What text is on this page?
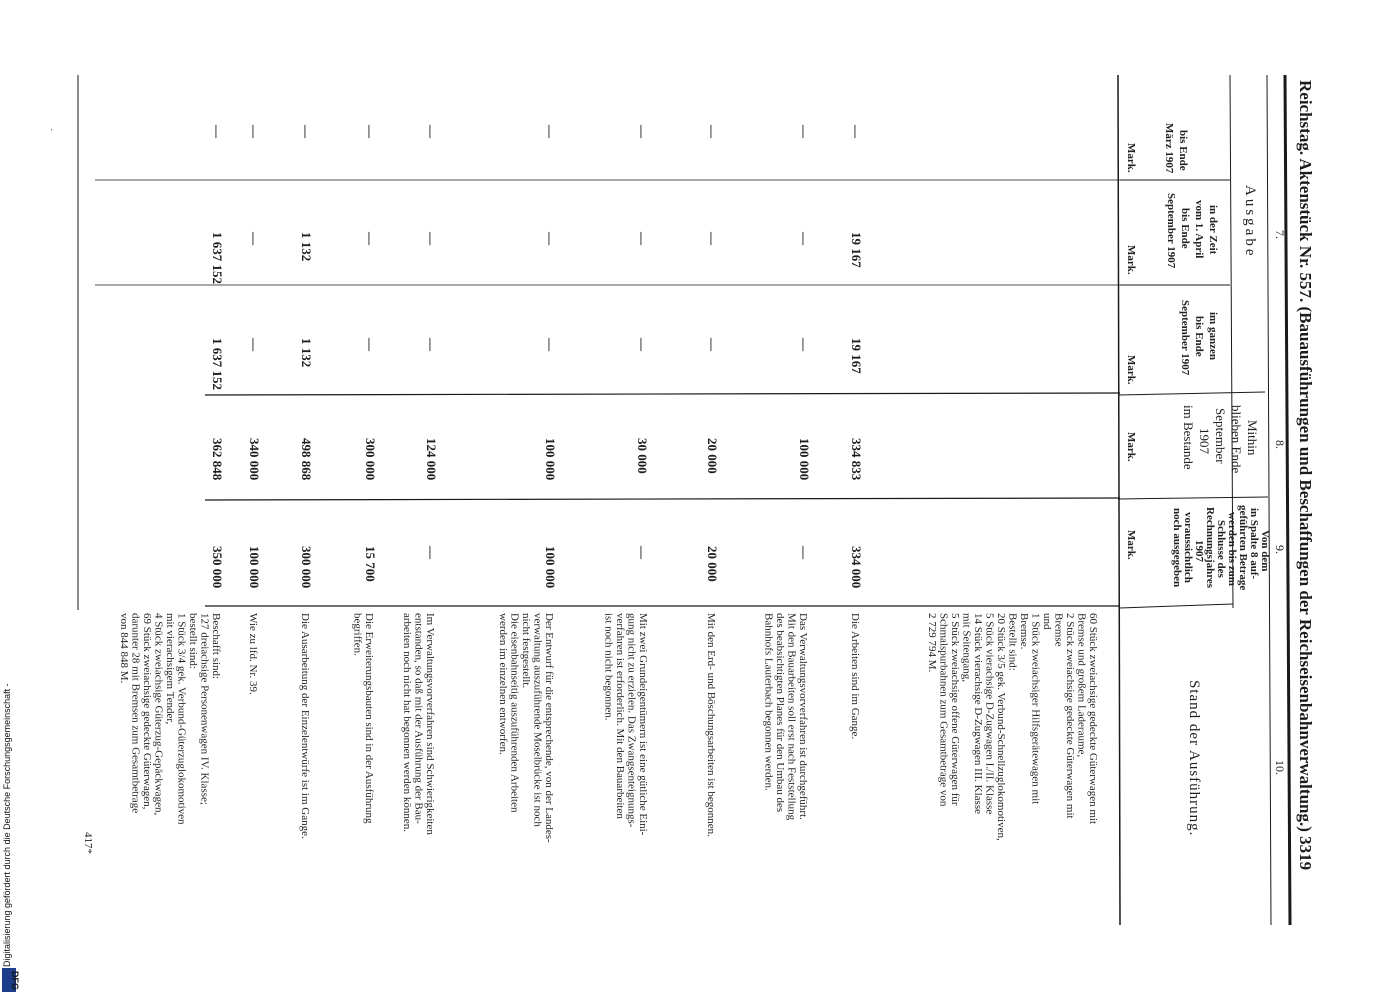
Reichstag. Aktenstück Nr. 557. (Bauausführungen und Beschaffungen der Reichseisenbahnverwaltung.) 3319
7.
8.
9.
10.
Ausgabe
bis Ende
März 1907
Mark.
in der Zeit
vom 1. April
bis Ende
September 1907
Mark.
im ganzen
bis Ende
September 1907
Mark.
Mithin
blieben Ende
September
1907
im Bestande
Mark.
Von dem
in Spalte 8 auf-
geführten Betrage
werden bis zum
Schlusse des
Rechnungsjahres
1907
voraussichtlich
noch ausgegeben
Mark.
Stand der Ausführung.
—
19 167
19 167
334 833
334 000
60 Stück zweiachsige gedeckte Güterwagen mit
Bremse und großem Laderaume,
2 Stück zweiachsige gedeckte Güterwagen mit
Bremse
und
1 Stück zweiachsiger Hilfsgerätewagen mit
Bremse.
Bestellt sind:
20 Stück 3/5 gek. Verbund-Schnellzuglokomotiven,
5 Stück vierachsige D-Zugwagen I./II. Klasse
14 Stück vierachsige D-Zugwagen III. Klasse
mit Seitengang,
5 Stück zweiachsige offene Güterwagen für
Schmalspurbahnen zum Gesamtbetrage von
2 729 794 M.
Die Arbeiten sind im Gange.
—
—
—
100 000
—
Das Verwaltungsvorverfahren ist durchgeführt.
Mit den Bauarbeiten soll erst nach Feststellung
des beabsichtigten Planes für den Umbau des
Bahnhofs Lauterbach begonnen werden.
—
—
—
20 000
20 000
Mit den Erd- und Böschungsarbeiten ist begonnen.
—
—
—
30 000
—
Mit zwei Grundeigentümern ist eine gütliche Eini-
gung nicht zu erzielen. Das Zwangsenteignungs-
verfahren ist erforderlich. Mit den Bauarbeiten
ist noch nicht begonnen.
—
—
—
100 000
100 000
Der Entwurf für die entsprechende, von der Landes-
verwaltung auszuführende Moselbrücke ist noch
nicht festgestellt.
Die eisenbahnseitig auszuführenden Arbeiten
werden im einzelnen entworfen.
—
—
—
124 000
—
Im Verwaltungsvorverfahren sind Schwierigkeiten
entstanden, so daß mit der Ausführung der Bau-
arbeiten noch nicht hat begonnen werden können.
—
—
—
300 000
15 700
Die Erweiterungsbauten sind in der Ausführung
begriffen.
—
1 132
1 132
498 868
300 000
Die Ausarbeitung der Einzelentwürfe ist im Gange.
—
—
—
340 000
100 000
Wie zu lfd. Nr. 39.
—
1 637 152
1 637 152
362 848
350 000
Beschafft sind:
127 dreiachsige Personenwagen IV. Klasse;
bestellt sind:
1 Stück 3/4 gek. Verbund-Güterzuglokomotiven
mit vierachsigem Tender,
4 Stück zweiachsige Güterzug-Gepäckwagen,
69 Stück zweiachsige gedeckte Güterwagen,
darunter 28 mit Bremsen zum Gesamtbetrage
von 844 848 M.
417*
Digitalisierung gefördert durch die Deutsche Forschungsgemeinschaft -
DFG
˙
